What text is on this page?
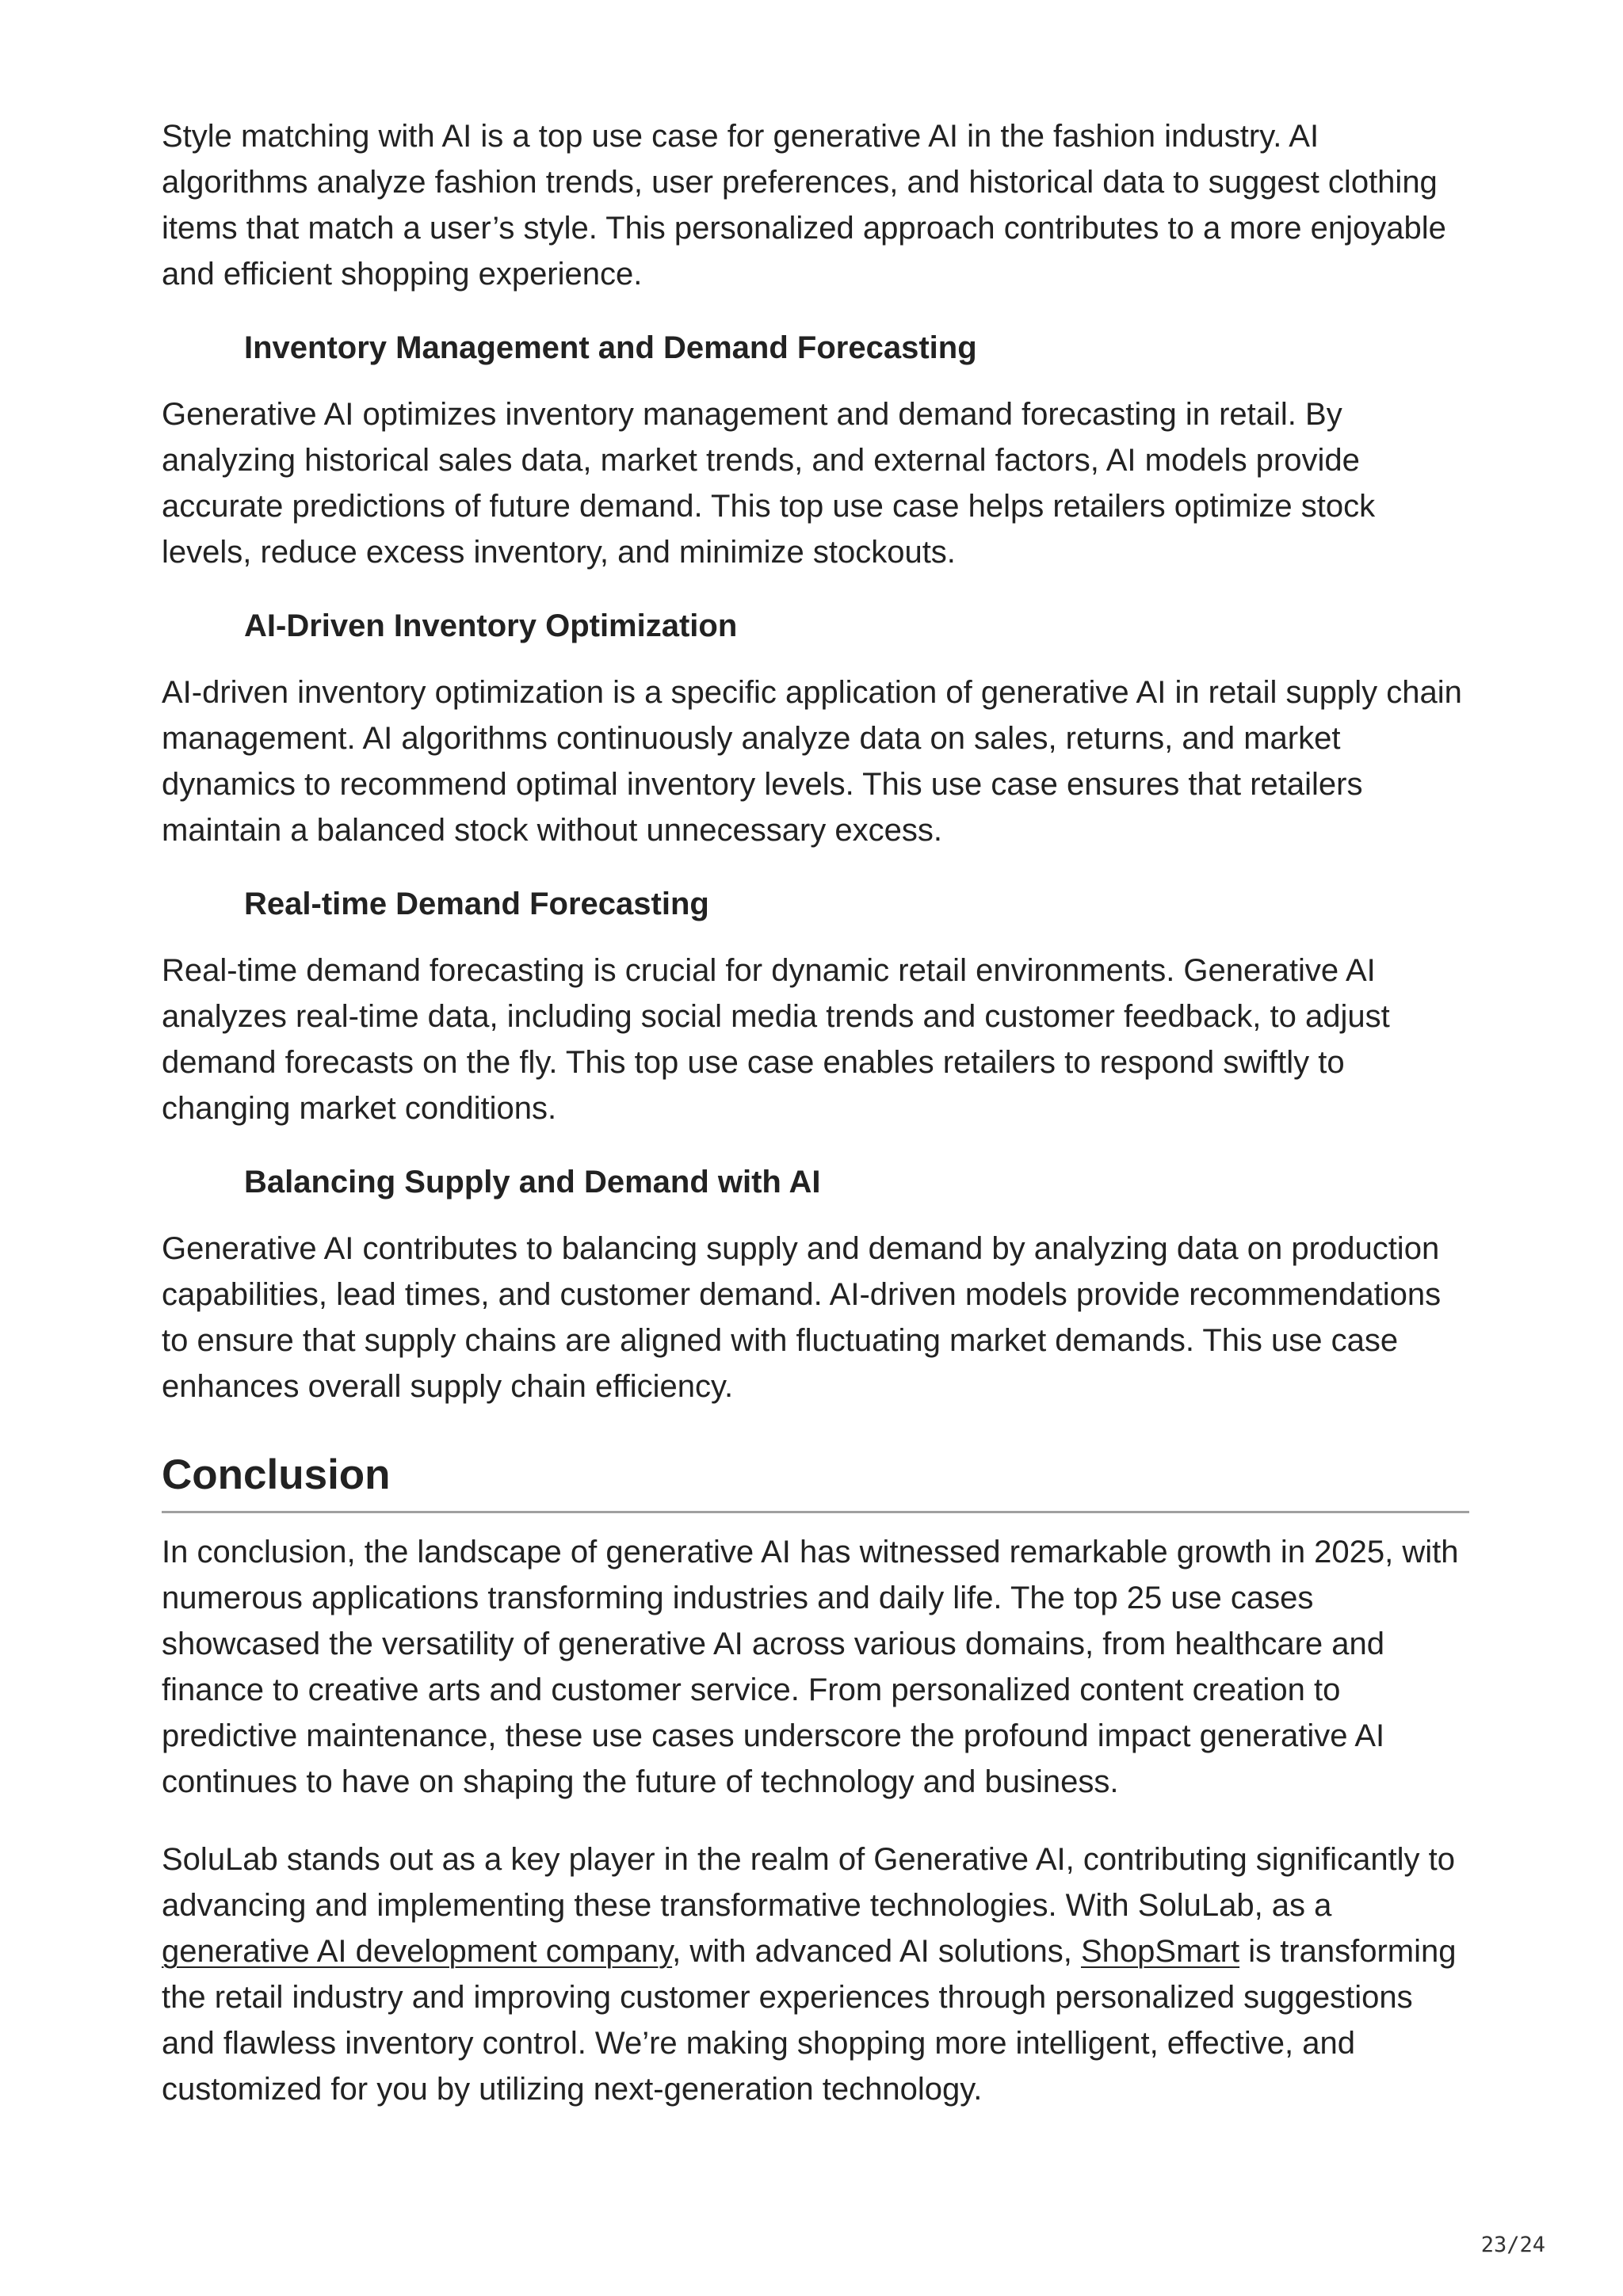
Style matching with AI is a top use case for generative AI in the fashion industry. AI algorithms analyze fashion trends, user preferences, and historical data to suggest clothing items that match a user’s style. This personalized approach contributes to a more enjoyable and efficient shopping experience.

Inventory Management and Demand Forecasting

Generative AI optimizes inventory management and demand forecasting in retail. By analyzing historical sales data, market trends, and external factors, AI models provide accurate predictions of future demand. This top use case helps retailers optimize stock levels, reduce excess inventory, and minimize stockouts.

AI-Driven Inventory Optimization

AI-driven inventory optimization is a specific application of generative AI in retail supply chain management. AI algorithms continuously analyze data on sales, returns, and market dynamics to recommend optimal inventory levels. This use case ensures that retailers maintain a balanced stock without unnecessary excess.

Real-time Demand Forecasting

Real-time demand forecasting is crucial for dynamic retail environments. Generative AI analyzes real-time data, including social media trends and customer feedback, to adjust demand forecasts on the fly. This top use case enables retailers to respond swiftly to changing market conditions.

Balancing Supply and Demand with AI

Generative AI contributes to balancing supply and demand by analyzing data on production capabilities, lead times, and customer demand. AI-driven models provide recommendations to ensure that supply chains are aligned with fluctuating market demands. This use case enhances overall supply chain efficiency.

Conclusion

In conclusion, the landscape of generative AI has witnessed remarkable growth in 2025, with numerous applications transforming industries and daily life. The top 25 use cases showcased the versatility of generative AI across various domains, from healthcare and finance to creative arts and customer service. From personalized content creation to predictive maintenance, these use cases underscore the profound impact generative AI continues to have on shaping the future of technology and business.

SoluLab stands out as a key player in the realm of Generative AI, contributing significantly to advancing and implementing these transformative technologies. With SoluLab, as a generative AI development company, with advanced AI solutions, ShopSmart is transforming the retail industry and improving customer experiences through personalized suggestions and flawless inventory control. We’re making shopping more intelligent, effective, and customized for you by utilizing next-generation technology.

23/24
